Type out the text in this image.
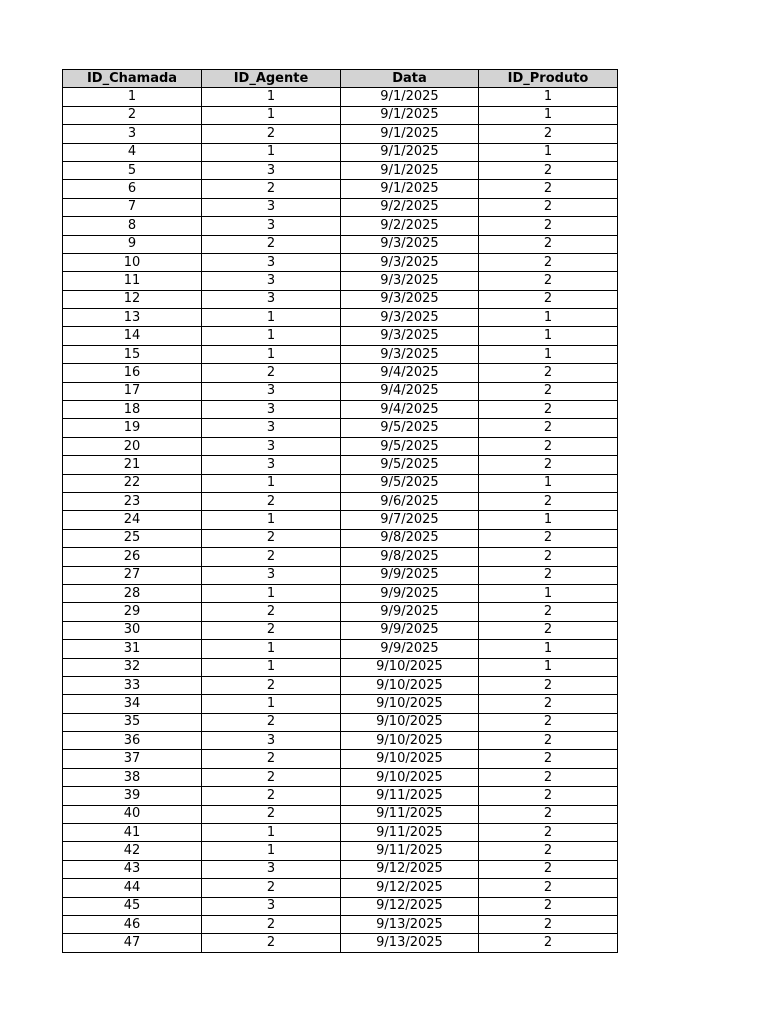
ID_Chamada	ID_Agente	Data	ID_Produto
1	1	9/1/2025	1
2	1	9/1/2025	1
3	2	9/1/2025	2
4	1	9/1/2025	1
5	3	9/1/2025	2
6	2	9/1/2025	2
7	3	9/2/2025	2
8	3	9/2/2025	2
9	2	9/3/2025	2
10	3	9/3/2025	2
11	3	9/3/2025	2
12	3	9/3/2025	2
13	1	9/3/2025	1
14	1	9/3/2025	1
15	1	9/3/2025	1
16	2	9/4/2025	2
17	3	9/4/2025	2
18	3	9/4/2025	2
19	3	9/5/2025	2
20	3	9/5/2025	2
21	3	9/5/2025	2
22	1	9/5/2025	1
23	2	9/6/2025	2
24	1	9/7/2025	1
25	2	9/8/2025	2
26	2	9/8/2025	2
27	3	9/9/2025	2
28	1	9/9/2025	1
29	2	9/9/2025	2
30	2	9/9/2025	2
31	1	9/9/2025	1
32	1	9/10/2025	1
33	2	9/10/2025	2
34	1	9/10/2025	2
35	2	9/10/2025	2
36	3	9/10/2025	2
37	2	9/10/2025	2
38	2	9/10/2025	2
39	2	9/11/2025	2
40	2	9/11/2025	2
41	1	9/11/2025	2
42	1	9/11/2025	2
43	3	9/12/2025	2
44	2	9/12/2025	2
45	3	9/12/2025	2
46	2	9/13/2025	2
47	2	9/13/2025	2
